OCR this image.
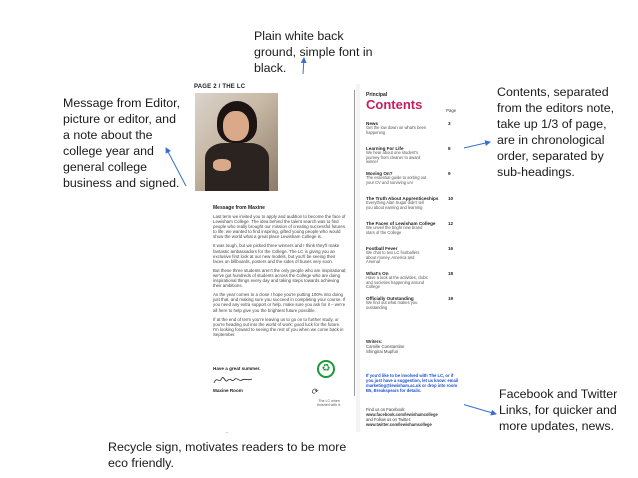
Plain white back ground, simple font in black.
Message from Editor, picture or editor, and a note about the college year and general college business and signed.
Contents, separated from the editors note, take up 1/3 of page, are in chronological order, separated by sub-headings.
Facebook and Twitter Links, for quicker and more updates, news.
Recycle sign, motivates readers to be more eco friendly.
PAGE 2 / THE LC
Message from Maxine

Last term we invited you to apply and audition to become the face of Lewisham College. The idea behind the talent search was to find people who really brought our mission of creating successful futures to life: we wanted to find inspiring, gifted young people who would show the world what a great place Lewisham College is.

It was tough, but we picked three winners and I think they'll make fantastic ambassadors for the College. The LC is giving you an exclusive first look at our new models, but you'll be seeing their faces on billboards, posters and the sides of buses very soon.

But these three students aren't the only people who are inspirational; we've got hundreds of students across the College who are doing inspirational things every day and taking steps towards achieving their ambitions.

As the year comes to a close I hope you're putting 100% into doing just that, and making sure you succeed in completing your course. If you need any extra support or help, make sure you ask for it – we're all here to help give you the brightest future possible.

If at the end of term you're leaving us to go on to further study, or you're heading out into the world of work: good luck for the future. I'm looking forward to seeing the rest of you when we come back in September.

Have a great summer.
Maxine Room
♻
⟳
The LC when finished with it.
Principal
Contents	Page
News
Get the low down on what's been happening
3
Learning For Life
We hear about one student's journey from cleaner to award winner
8
Moving On?
The essential guide to sorting out your CV and surviving uni
9
The Truth About Apprenticeships
Everything Alan Sugar didn't tell you about earning and learning
10
The Faces of Lewisham College
We unveil the bright new brand stars of the College
12
Football Fever
We chat to two LC footballers about money, America and Arsenal
16
What's On
Have a look at the activities, clubs and societies happening around College
18
Officially Outstanding
We find out what makes you outstanding
19
Writers:
Camille Constantine
Shingirai Mupfuri
If you'd like to be involved with The LC, or if you just have a suggestion, let us know: email marketing@lewisham.ac.uk or drop into room B5, Breakspears for details.
Find us on Facebook:
www.facebook.com/lewishamcollege
and Follow us on Twitter:
www.twitter.com/lewishamcollege
